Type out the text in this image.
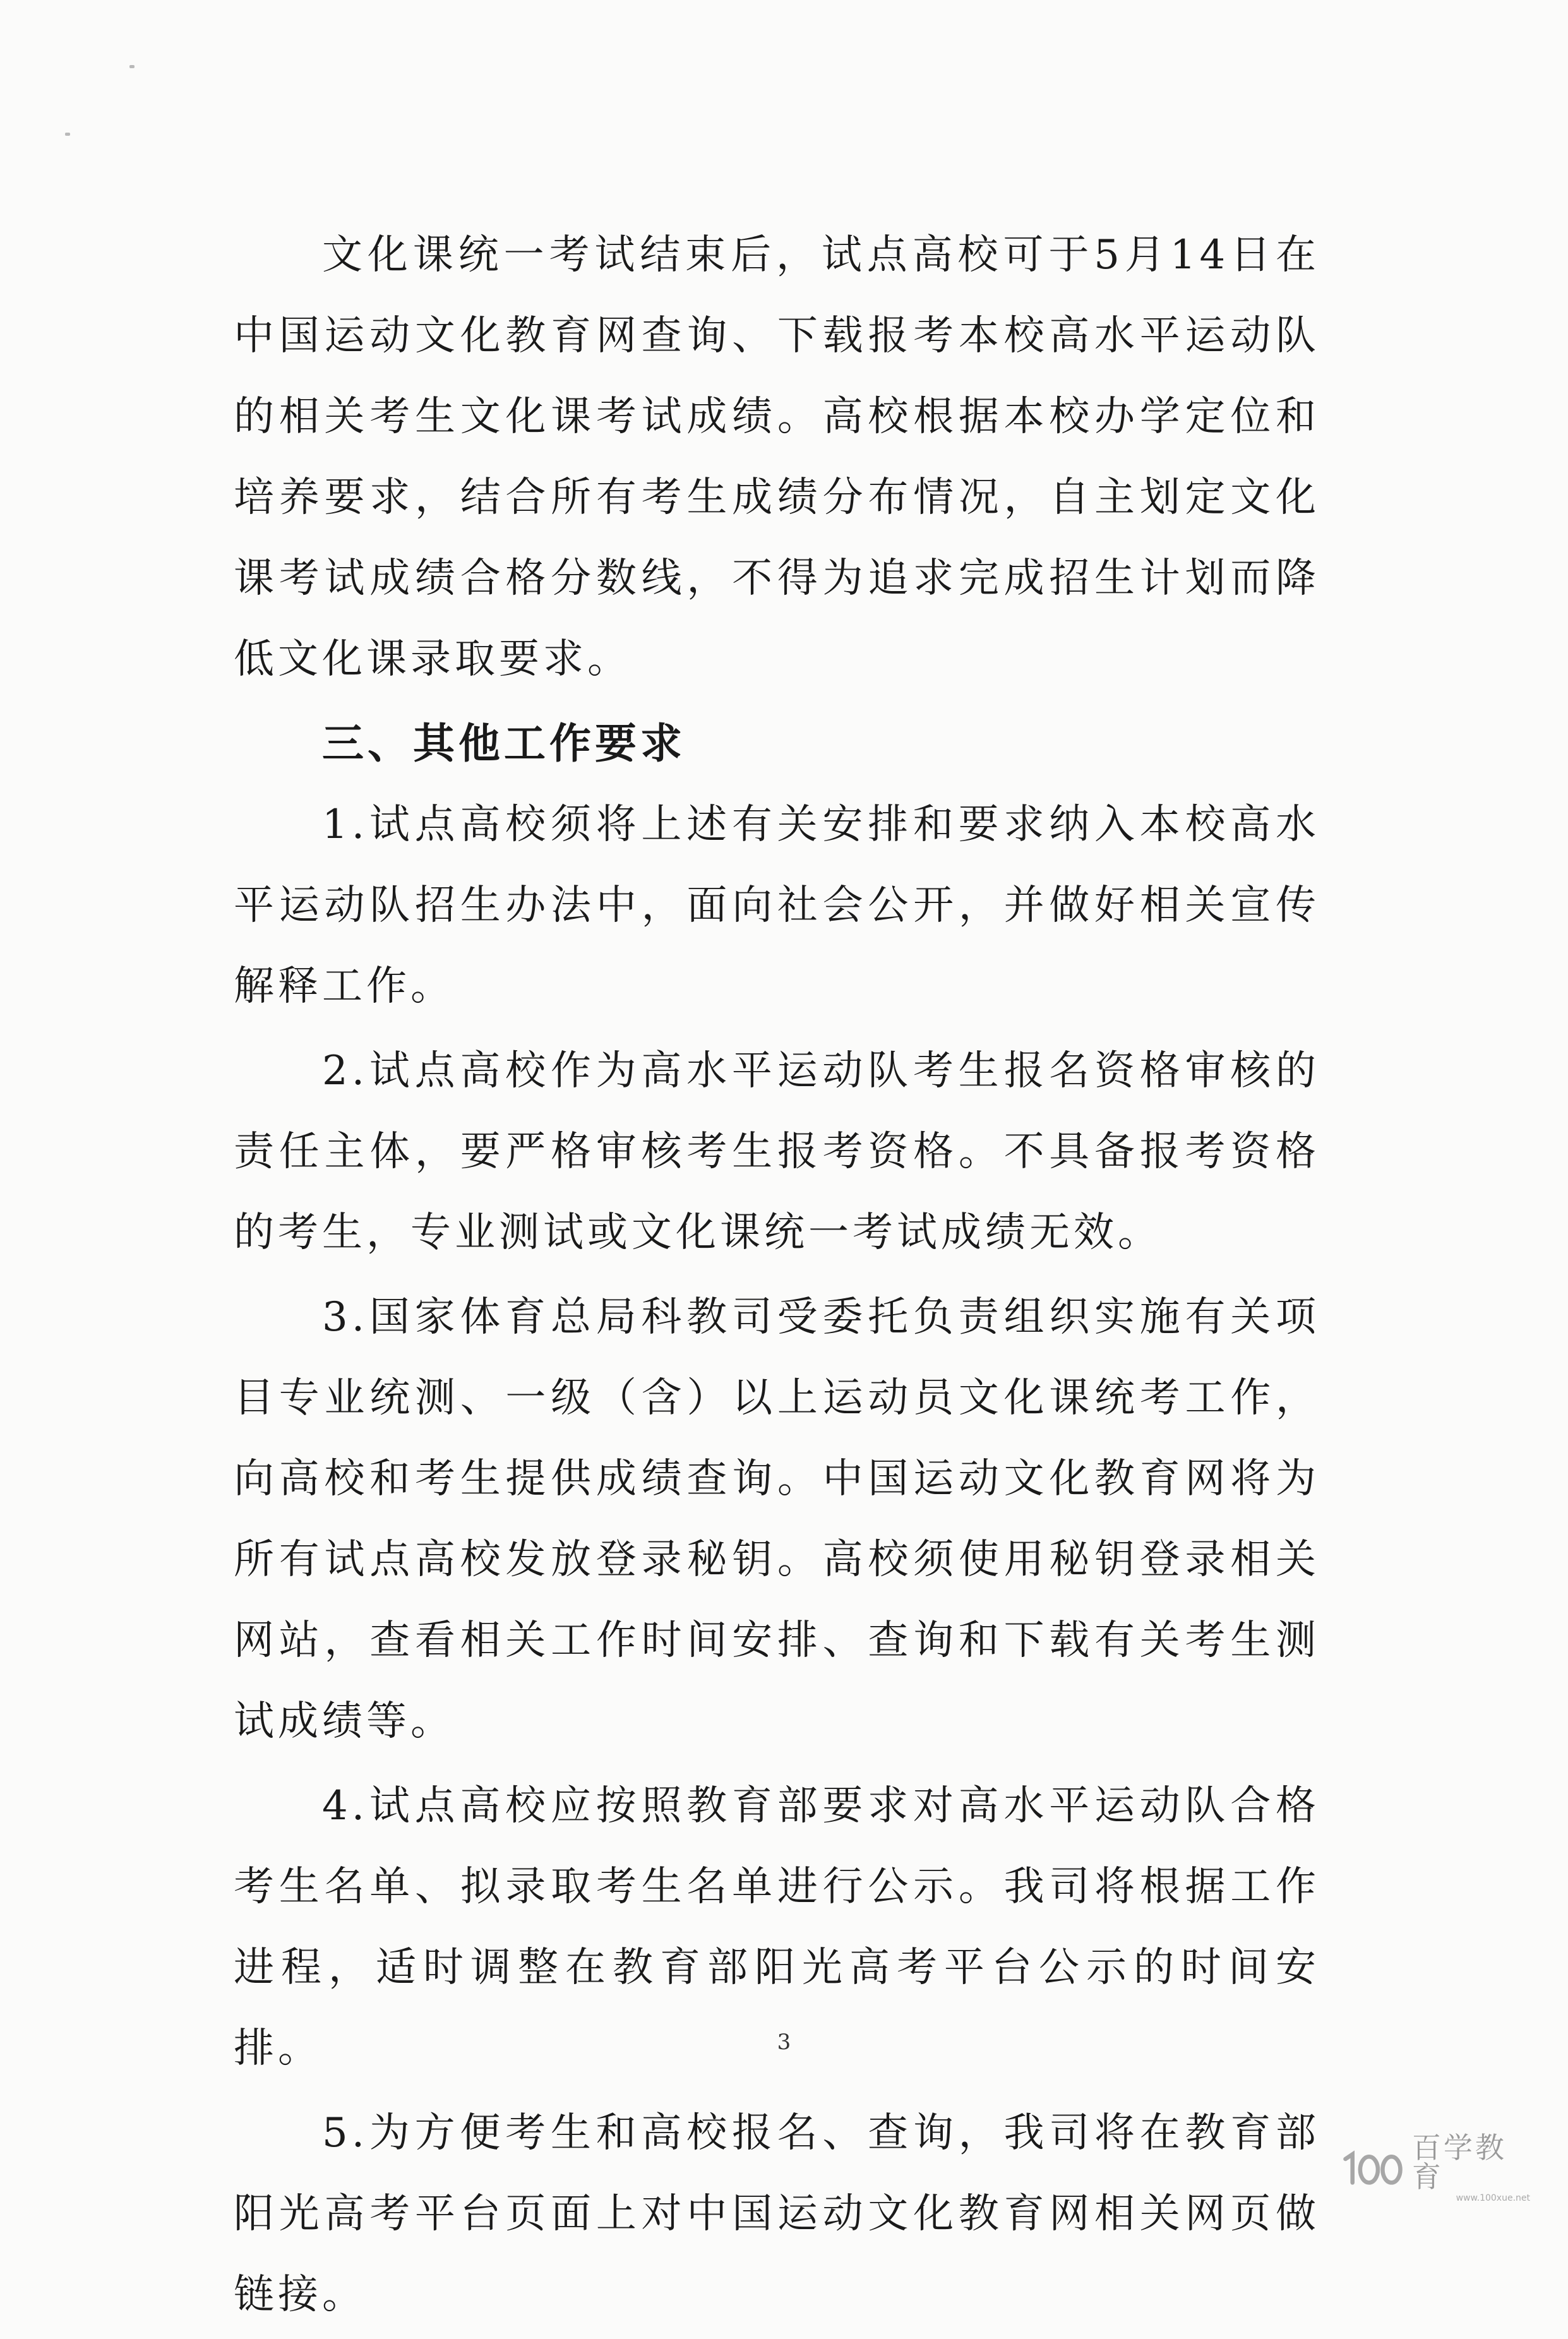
文化课统一考试结束后，试点高校可于5月14日在中国运动文化教育网查询、下载报考本校高水平运动队的相关考生文化课考试成绩。高校根据本校办学定位和培养要求，结合所有考生成绩分布情况，自主划定文化课考试成绩合格分数线，不得为追求完成招生计划而降低文化课录取要求。

三、其他工作要求

1.试点高校须将上述有关安排和要求纳入本校高水平运动队招生办法中，面向社会公开，并做好相关宣传解释工作。

2.试点高校作为高水平运动队考生报名资格审核的责任主体，要严格审核考生报考资格。不具备报考资格的考生，专业测试或文化课统一考试成绩无效。

3.国家体育总局科教司受委托负责组织实施有关项目专业统测、一级（含）以上运动员文化课统考工作，向高校和考生提供成绩查询。中国运动文化教育网将为所有试点高校发放登录秘钥。高校须使用秘钥登录相关网站，查看相关工作时间安排、查询和下载有关考生测试成绩等。

4.试点高校应按照教育部要求对高水平运动队合格考生名单、拟录取考生名单进行公示。我司将根据工作进程，适时调整在教育部阳光高考平台公示的时间安排。

5.为方便考生和高校报名、查询，我司将在教育部阳光高考平台页面上对中国运动文化教育网相关网页做链接。

3
百学教育
www.100xue.net
